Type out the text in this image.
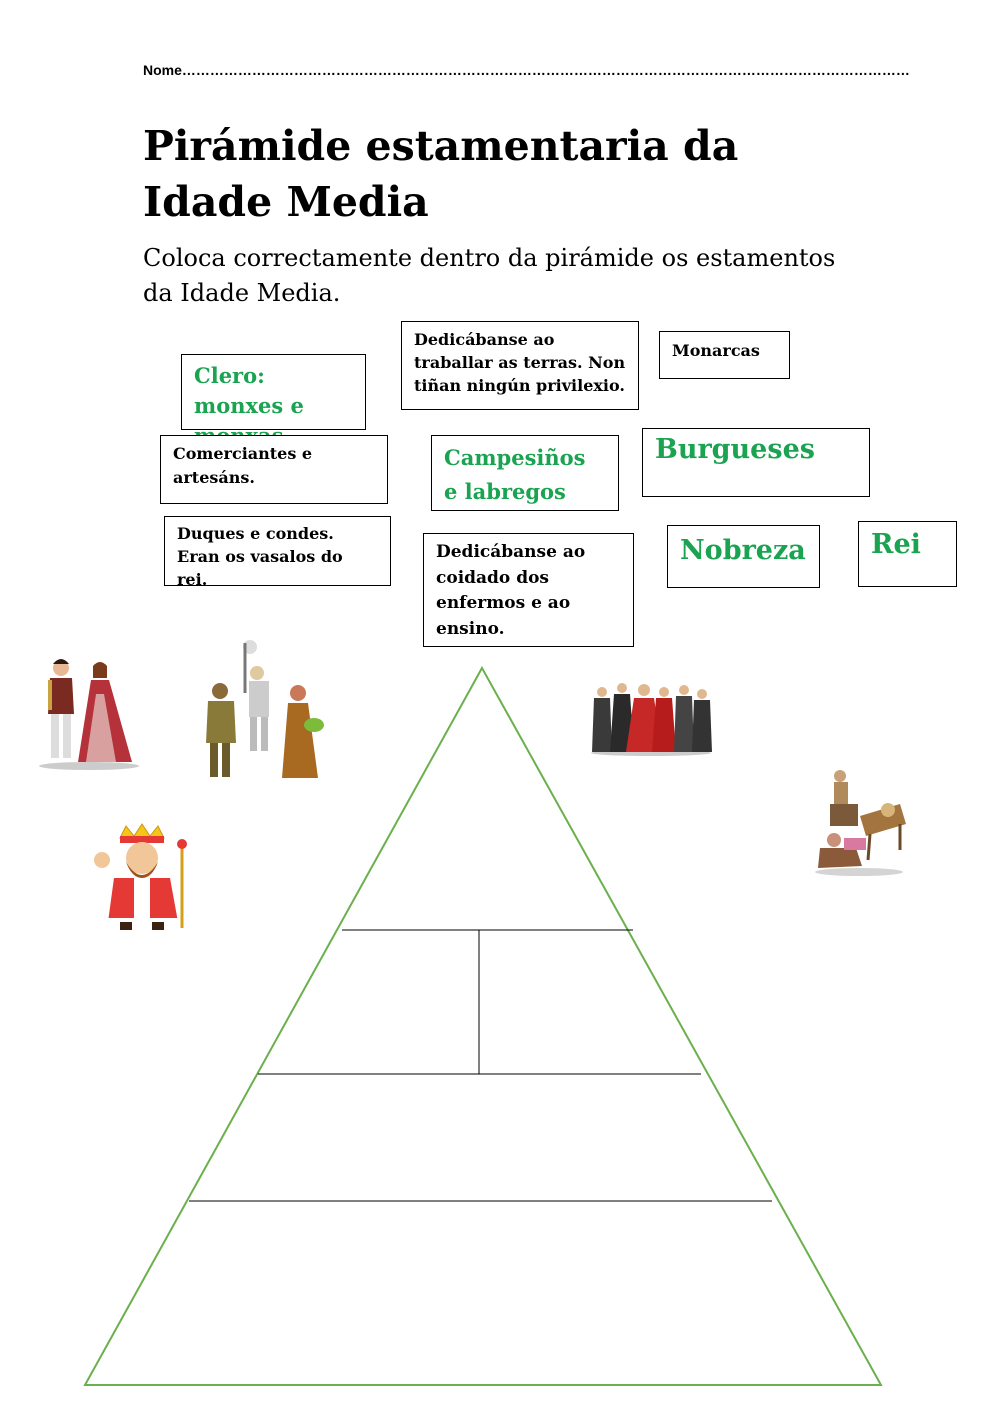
Nome…………………………………………………………………………………………………………………………………………
Pirámide estamentaria da Idade Media

Coloca correctamente dentro da pirámide os estamentos da Idade Media.

Dedicábanse ao traballar as terras. Non tiñan ningún privilexio.
Monarcas
Clero: monxes e
Comerciantes e artesáns.
Campesiños e labregos
Burgueses
Duques e condes. Eran os vasalos do rei.
Dedicábanse ao coidado dos enfermos e ao ensino.
Nobreza Rei
